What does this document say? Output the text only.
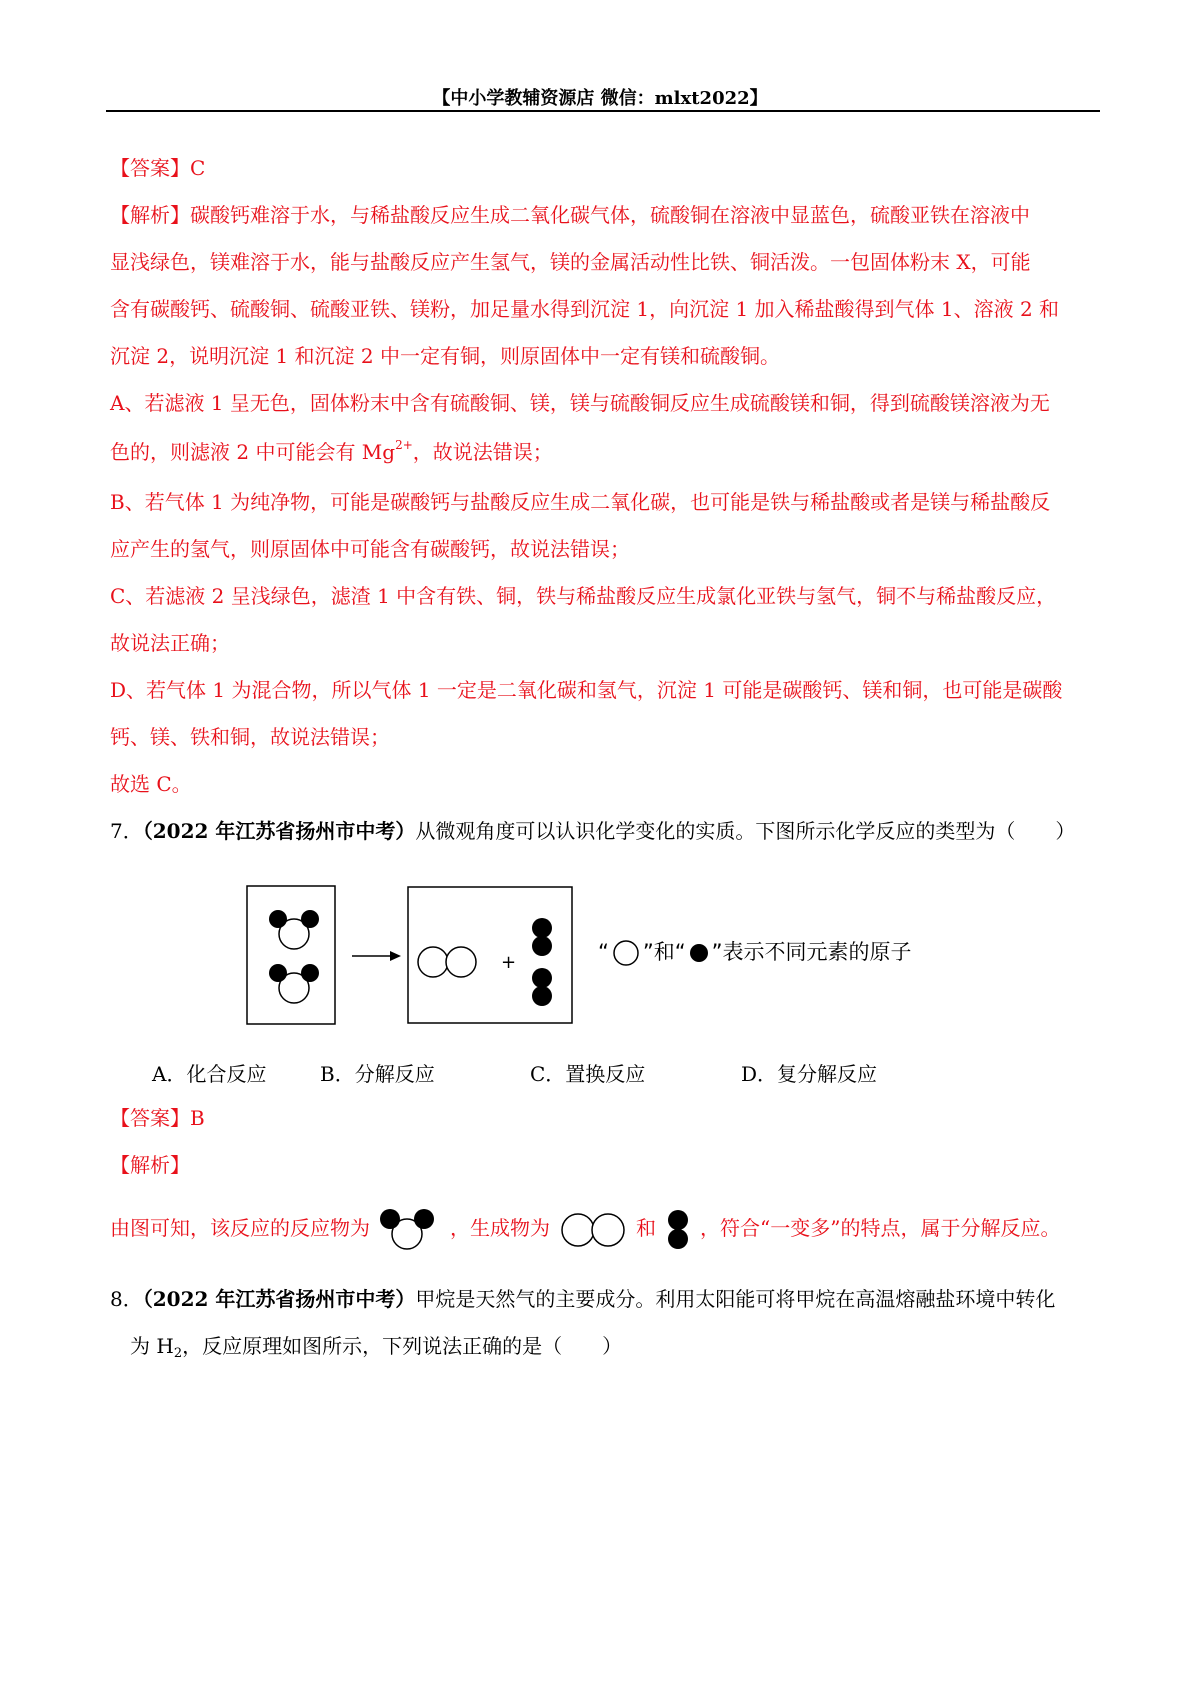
【中小学教辅资源店 微信：mlxt2022】
【答案】C
【解析】碳酸钙难溶于水，与稀盐酸反应生成二氧化碳气体，硫酸铜在溶液中显蓝色，硫酸亚铁在溶液中
显浅绿色，镁难溶于水，能与盐酸反应产生氢气，镁的金属活动性比铁、铜活泼。一包固体粉末 X，可能
含有碳酸钙、硫酸铜、硫酸亚铁、镁粉，加足量水得到沉淀 1，向沉淀 1 加入稀盐酸得到气体 1、溶液 2 和
沉淀 2，说明沉淀 1 和沉淀 2 中一定有铜，则原固体中一定有镁和硫酸铜。
A、若滤液 1 呈无色，固体粉末中含有硫酸铜、镁，镁与硫酸铜反应生成硫酸镁和铜，得到硫酸镁溶液为无
色的，则滤液 2 中可能会有 $Mg^{2+}$，故说法错误；
B、若气体 1 为纯净物，可能是碳酸钙与盐酸反应生成二氧化碳，也可能是铁与稀盐酸或者是镁与稀盐酸反
应产生的氢气，则原固体中可能含有碳酸钙，故说法错误；
C、若滤液 2 呈浅绿色，滤渣 1 中含有铁、铜，铁与稀盐酸反应生成氯化亚铁与氢气，铜不与稀盐酸反应，
故说法正确；
D、若气体 1 为混合物，所以气体 1 一定是二氧化碳和氢气，沉淀 1 可能是碳酸钙、镁和铜，也可能是碳酸
钙、镁、铁和铜，故说法错误；
故选 C。
7．（2022 年江苏省扬州市中考）从微观角度可以认识化学变化的实质。下图所示化学反应的类型为（　　）
+	“ ”和“ ”表示不同元素的原子
A．化合反应	B．分解反应	C．置换反应	D．复分解反应
【答案】B
【解析】
由图可知，该反应的反应物为	，生成物为	和 ，符合“一变多”的特点，属于分解反应。
8．（2022 年江苏省扬州市中考）甲烷是天然气的主要成分。利用太阳能可将甲烷在高温熔融盐环境中转化
为 $H_2$，反应原理如图所示，下列说法正确的是（　　）
